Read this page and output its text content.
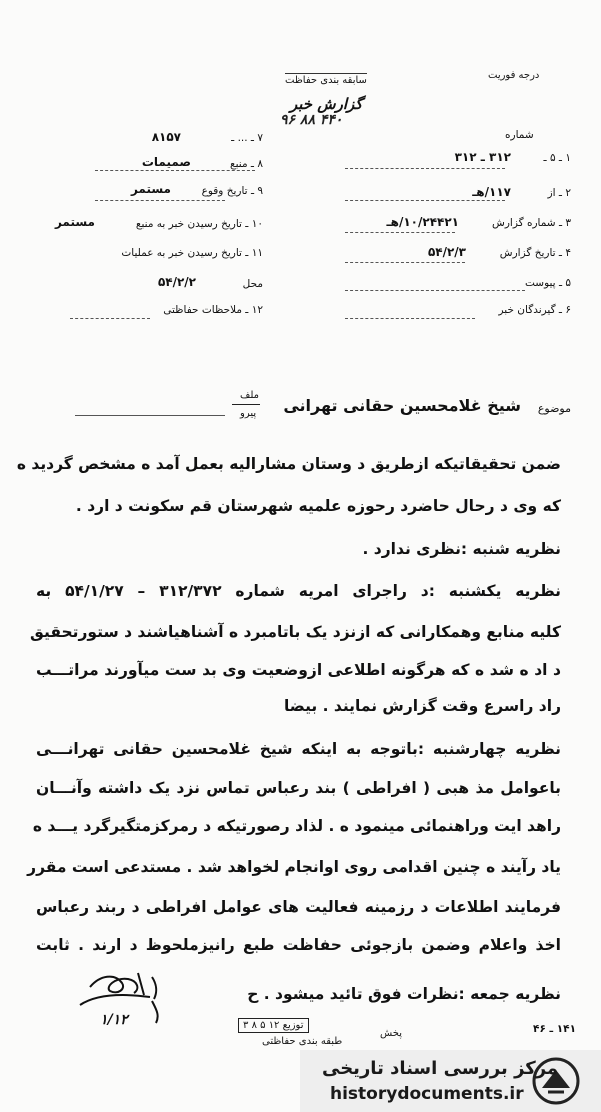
درجه فوریت
سابقه بندی حفاظت
گزارش خبر
۴۴۰ ۸۸ ۹۶
شماره
۱ ـ ۵ ـ
۳۱۲ ـ ۳۱۲
۲ ـ از
۱۱۷/هـ
۳ ـ شماره گزارش
۱۰/۲۴۴۲۱/هـ
۴ ـ تاریخ گزارش
۵۴/۲/۳
۵ ـ پیوست
۶ ـ گیرندگان خبر
۷ ـ ... ـ
۸۱۵۷
۸ ـ منبع
صمیمات
۹ ـ تاریخ وقوع
مستمر
۱۰ ـ تاریخ رسیدن خبر به منبع
مستمر
۱۱ ـ تاریخ رسیدن خبر به عملیات
محل
۵۴/۲/۲
۱۲ ـ ملاحظات حفاظتی
موضوع
شیخ غلامحسین حقانی تهرانی
ملف
پیرو
ضمن تحقیقاتیکه ازطریق د وستان مشارالیه بعمل آمد ه مشخص گردید ه
که وی د رحال حاضرد رحوزه علمیه شهرستان قم سکونت د ارد .
نظریه شنبه :نظری ندارد .
نظریه یکشنبه :د راجرای امریه شماره ۳۱۲/۳۷۲ – ۵۴/۱/۲۷ به
کلیه منابع وهمکارانی که ازنزد یک باتامبرد ه آشناهیاشند د ستورتحقیق
د اد ه شد ه که هرگونه اطلاعی ازوضعیت وی بد ست میآورند مراتـــب
راد راسرع وقت گزارش نمایند . بیضا
نظریه چهارشنبه :باتوجه به اینکه شیخ غلامحسین حقانی تهرانـــی
باعوامل مذ هبی ( افراطی ) بند رعباس تماس نزد یک داشته وآنـــان
راهد ایت وراهنمائی مینمود ه . لذاد رصورتیکه د رمرکزمتگیرگرد یـــد ه
یاد رآیند ه چنین اقدامی روی اوانجام لخواهد شد . مستدعی است مقرر
فرمایند اطلاعات د رزمینه فعالیت های عوامل افراطی د ربند رعباس
اخذ واعلام وضمن بازجوئی حفاظت طبع رانیزملحوظ د ارند . ثابت
نظریه جمعه :نظرات فوق تائید میشود . ح
۱/۱۲
۱۴۱ ـ ۴۶
پخش
توزیع ۱۲ ۵ ۸ ۳
طبقه بندی حفاظتی
مرکز بررسی اسناد تاریخی
historydocuments.ir
